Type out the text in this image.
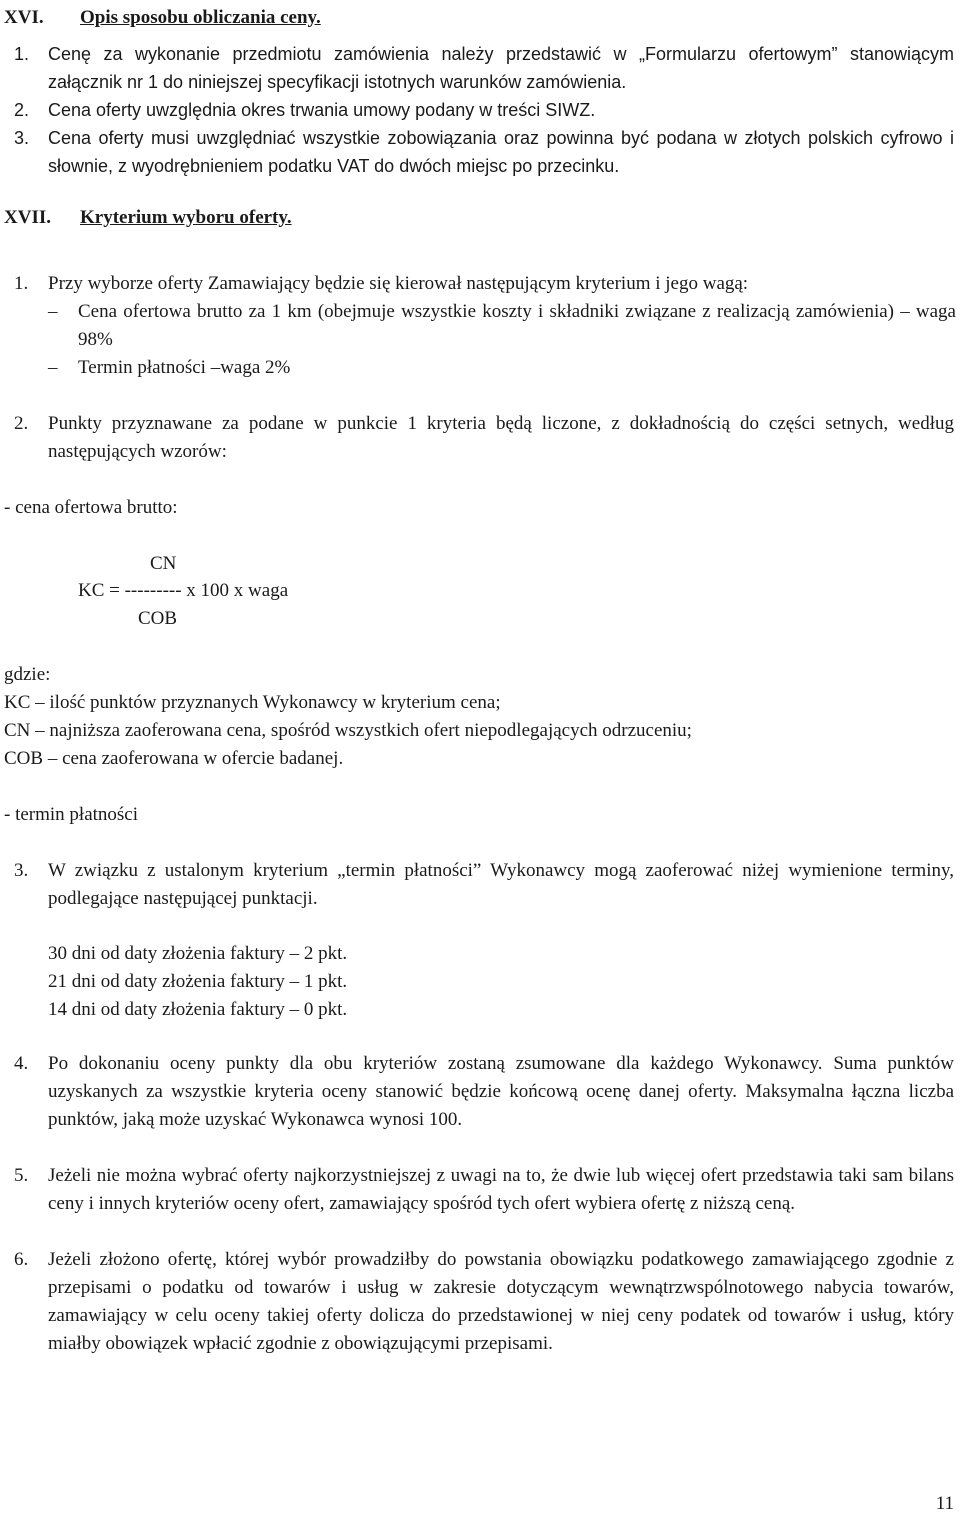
XVI. Opis sposobu obliczania ceny.
1. Cenę za wykonanie przedmiotu zamówienia należy przedstawić w „Formularzu ofertowym” stanowiącym załącznik nr 1 do niniejszej specyfikacji istotnych warunków zamówienia.
2. Cena oferty uwzględnia okres trwania umowy podany w treści SIWZ.
3. Cena oferty musi uwzględniać wszystkie zobowiązania oraz powinna być podana w złotych polskich cyfrowo i słownie, z wyodrębnieniem podatku VAT do dwóch miejsc po przecinku.
XVII. Kryterium wyboru oferty.
1. Przy wyborze oferty Zamawiający będzie się kierował następującym kryterium i jego wagą:
– Cena ofertowa brutto za 1 km (obejmuje wszystkie koszty i składniki związane z realizacją zamówienia) – waga 98%
– Termin płatności –waga 2%
2. Punkty przyznawane za podane w punkcie 1 kryteria będą liczone, z dokładnością do części setnych, według następujących wzorów:
- cena ofertowa brutto:
CN
KC = --------- x 100 x waga
COB
gdzie:
KC – ilość punktów przyznanych Wykonawcy w kryterium cena;
CN – najniższa zaoferowana cena, spośród wszystkich ofert niepodlegających odrzuceniu;
COB – cena zaoferowana w ofercie badanej.
- termin płatności
3. W związku z ustalonym kryterium „termin płatności” Wykonawcy mogą zaoferować niżej wymienione terminy, podlegające następującej punktacji.
30 dni od daty złożenia faktury – 2 pkt.
21 dni od daty złożenia faktury – 1 pkt.
14 dni od daty złożenia faktury – 0 pkt.
4. Po dokonaniu oceny punkty dla obu kryteriów zostaną zsumowane dla każdego Wykonawcy. Suma punktów uzyskanych za wszystkie kryteria oceny stanowić będzie końcową ocenę danej oferty. Maksymalna łączna liczba punktów, jaką może uzyskać Wykonawca wynosi 100.
5. Jeżeli nie można wybrać oferty najkorzystniejszej z uwagi na to, że dwie lub więcej ofert przedstawia taki sam bilans ceny i innych kryteriów oceny ofert, zamawiający spośród tych ofert wybiera ofertę z niższą ceną.
6. Jeżeli złożono ofertę, której wybór prowadziłby do powstania obowiązku podatkowego zamawiającego zgodnie z przepisami o podatku od towarów i usług w zakresie dotyczącym wewnątrzwspólnotowego nabycia towarów, zamawiający w celu oceny takiej oferty dolicza do przedstawionej w niej ceny podatek od towarów i usług, który miałby obowiązek wpłacić zgodnie z obowiązującymi przepisami.
11
